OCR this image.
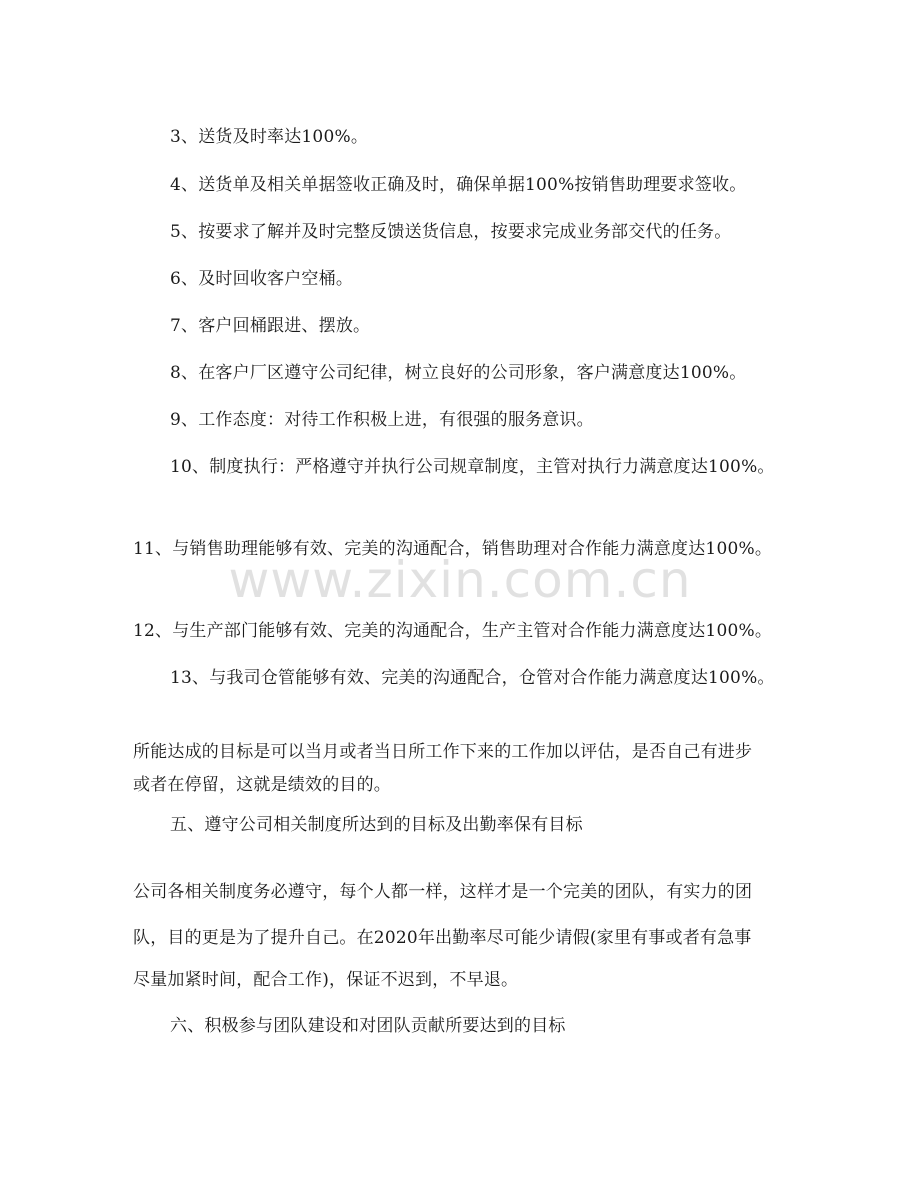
3、送货及时率达100%。
4、送货单及相关单据签收正确及时，确保单据100%按销售助理要求签收。
5、按要求了解并及时完整反馈送货信息，按要求完成业务部交代的任务。
6、及时回收客户空桶。
7、客户回桶跟进、摆放。
8、在客户厂区遵守公司纪律，树立良好的公司形象，客户满意度达100%。
9、工作态度：对待工作积极上进，有很强的服务意识。
10、制度执行：严格遵守并执行公司规章制度，主管对执行力满意度达100%。
11、与销售助理能够有效、完美的沟通配合，销售助理对合作能力满意度达100%。
12、与生产部门能够有效、完美的沟通配合，生产主管对合作能力满意度达100%。
13、与我司仓管能够有效、完美的沟通配合，仓管对合作能力满意度达100%。
所能达成的目标是可以当月或者当日所工作下来的工作加以评估，是否自己有进步
或者在停留，这就是绩效的目的。
五、遵守公司相关制度所达到的目标及出勤率保有目标
公司各相关制度务必遵守，每个人都一样，这样才是一个完美的团队，有实力的团
队，目的更是为了提升自己。在2020年出勤率尽可能少请假(家里有事或者有急事
尽量加紧时间，配合工作)，保证不迟到，不早退。
六、积极参与团队建设和对团队贡献所要达到的目标
www.zixin.com.cn
